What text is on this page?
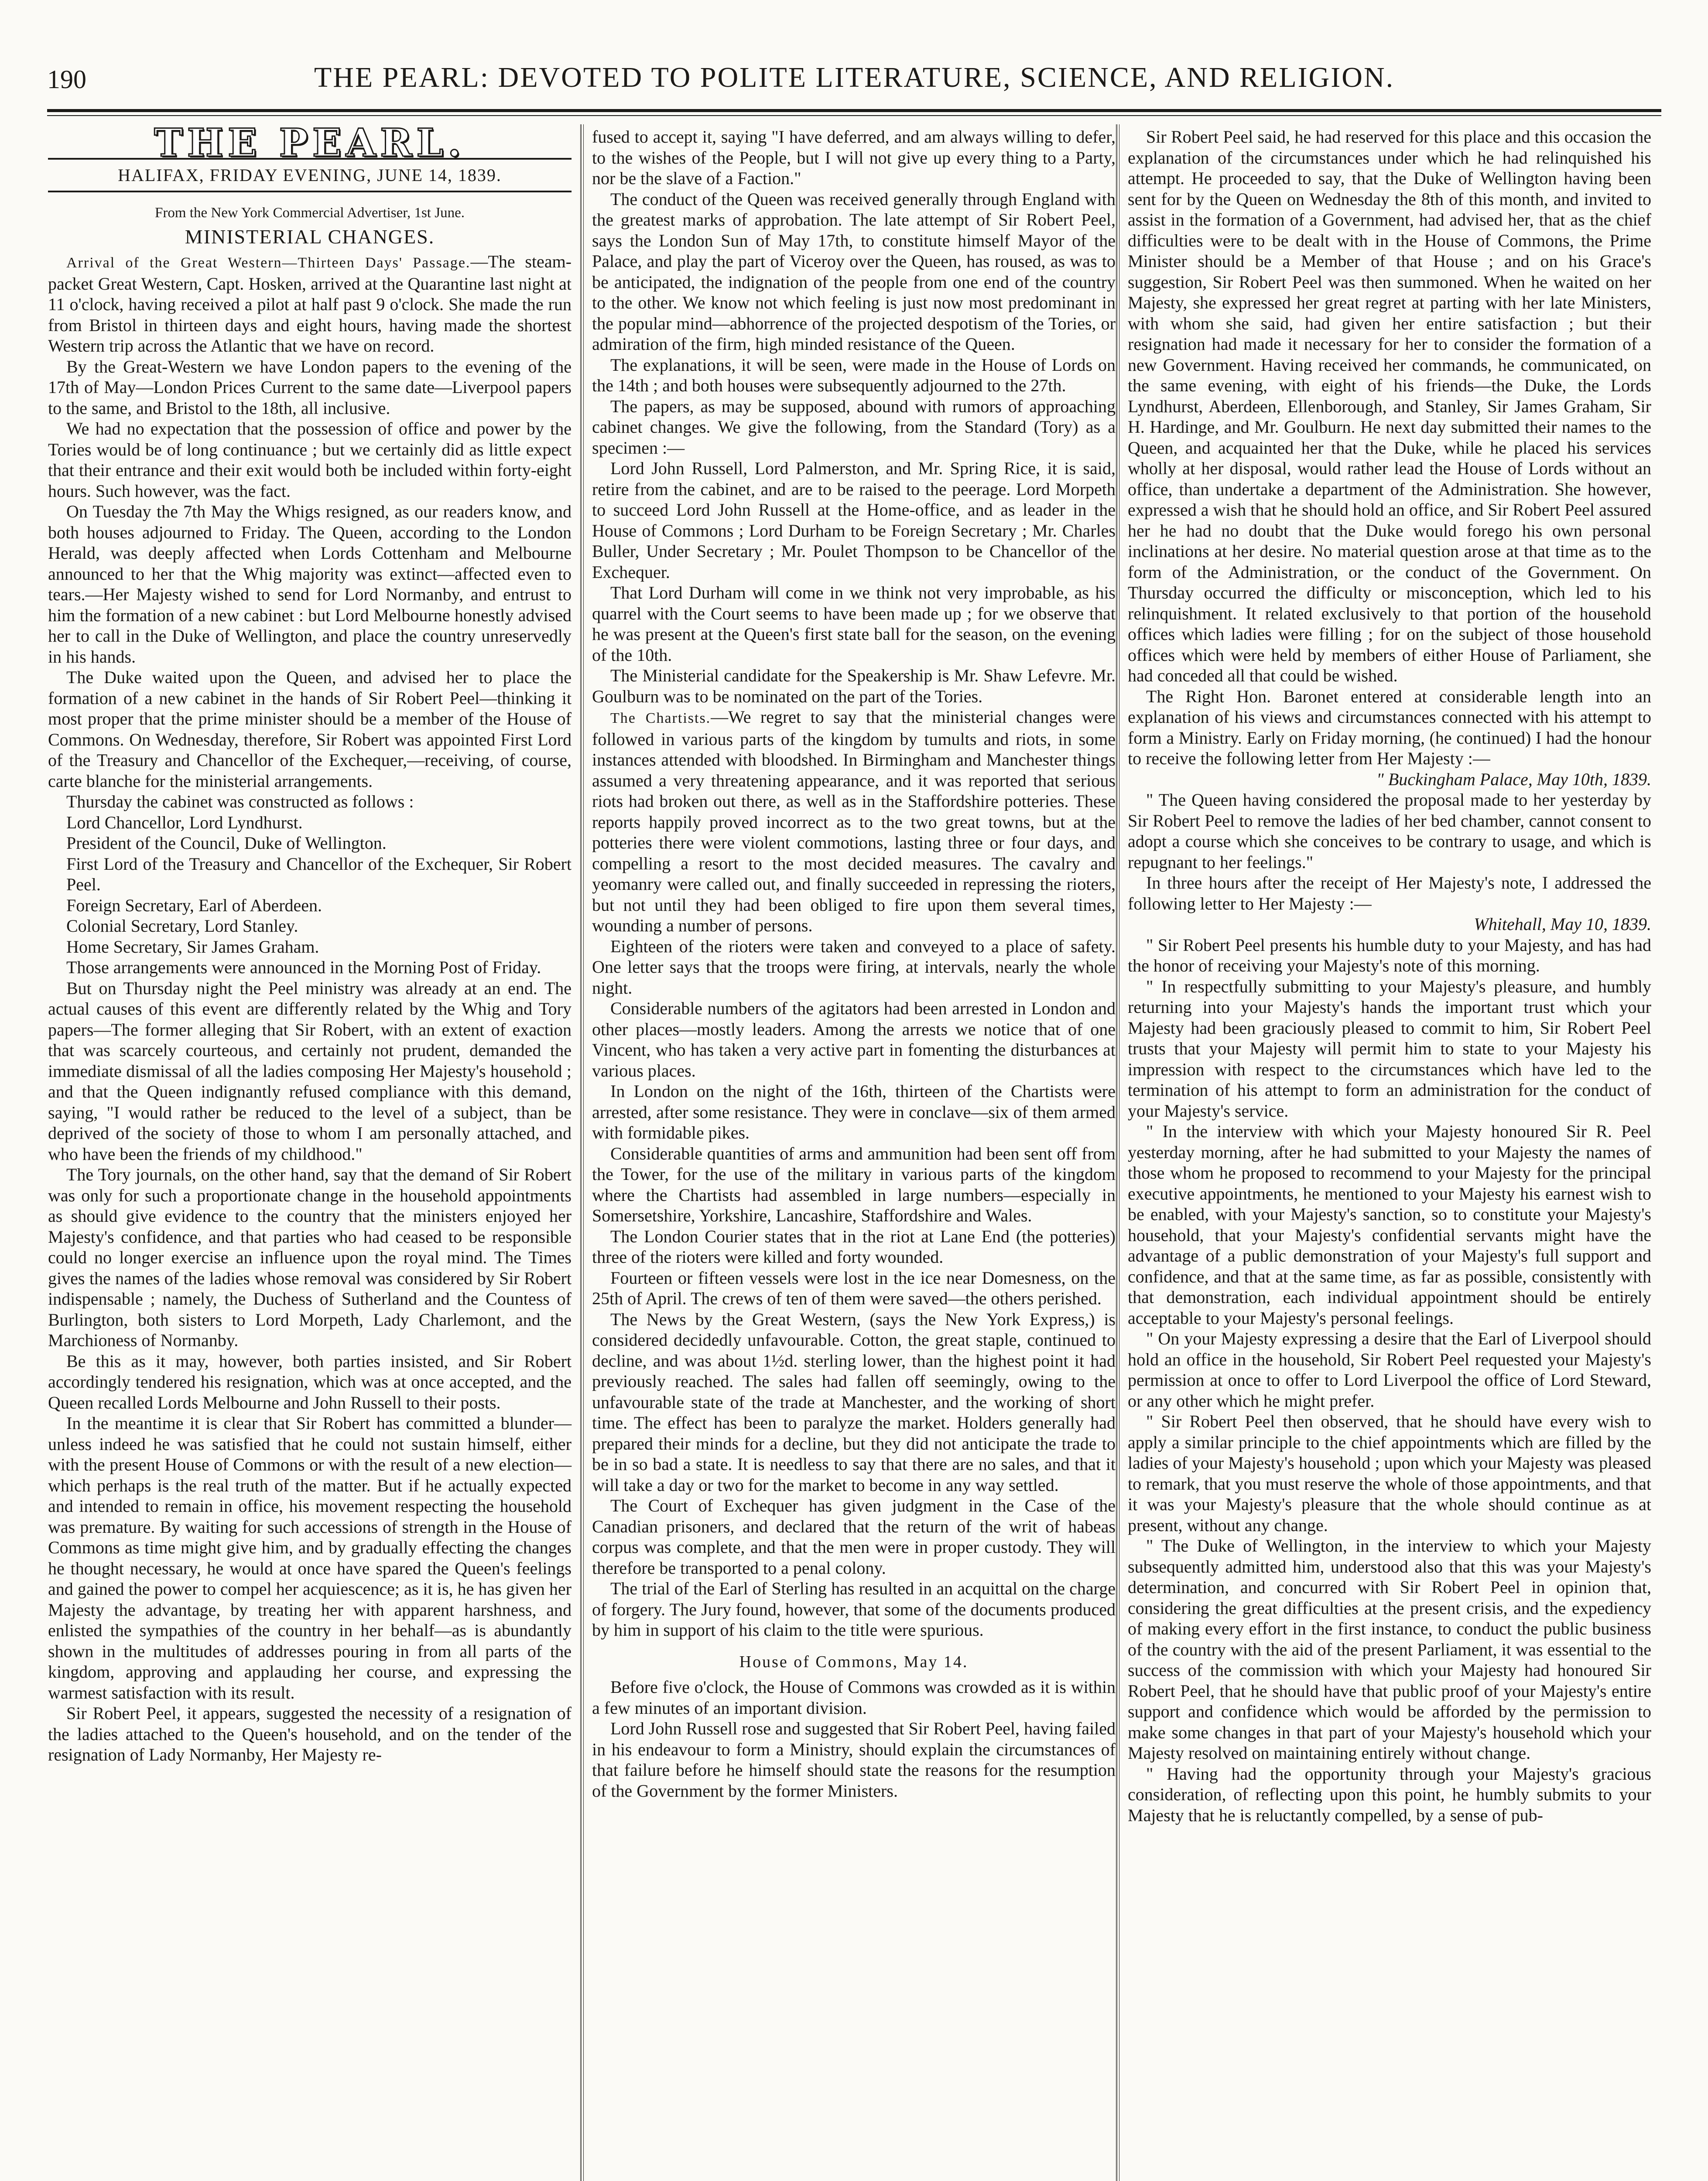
190	THE PEARL: DEVOTED TO POLITE LITERATURE, SCIENCE, AND RELIGION.
THE PEARL.
HALIFAX, FRIDAY EVENING, JUNE 14, 1839.
From the New York Commercial Advertiser, 1st June.
MINISTERIAL CHANGES.

Arrival of the Great Western—Thirteen Days' Passage.—The steam-packet Great Western, Capt. Hosken, arrived at the Quarantine last night at 11 o'clock, having received a pilot at half past 9 o'clock. She made the run from Bristol in thirteen days and eight hours, having made the shortest Western trip across the Atlantic that we have on record.

By the Great-Western we have London papers to the evening of the 17th of May—London Prices Current to the same date—Liverpool papers to the same, and Bristol to the 18th, all inclusive.

We had no expectation that the possession of office and power by the Tories would be of long continuance ; but we certainly did as little expect that their entrance and their exit would both be included within forty-eight hours. Such however, was the fact.

On Tuesday the 7th May the Whigs resigned, as our readers know, and both houses adjourned to Friday. The Queen, according to the London Herald, was deeply affected when Lords Cottenham and Melbourne announced to her that the Whig majority was extinct—affected even to tears.—Her Majesty wished to send for Lord Normanby, and entrust to him the formation of a new cabinet : but Lord Melbourne honestly advised her to call in the Duke of Wellington, and place the country unreservedly in his hands.

The Duke waited upon the Queen, and advised her to place the formation of a new cabinet in the hands of Sir Robert Peel—thinking it most proper that the prime minister should be a member of the House of Commons. On Wednesday, therefore, Sir Robert was appointed First Lord of the Treasury and Chancellor of the Exchequer,—receiving, of course, carte blanche for the ministerial arrangements.

Thursday the cabinet was constructed as follows :

Lord Chancellor, Lord Lyndhurst.

President of the Council, Duke of Wellington.

First Lord of the Treasury and Chancellor of the Exchequer, Sir Robert Peel.

Foreign Secretary, Earl of Aberdeen.

Colonial Secretary, Lord Stanley.

Home Secretary, Sir James Graham.

Those arrangements were announced in the Morning Post of Friday.

But on Thursday night the Peel ministry was already at an end. The actual causes of this event are differently related by the Whig and Tory papers—The former alleging that Sir Robert, with an extent of exaction that was scarcely courteous, and certainly not prudent, demanded the immediate dismissal of all the ladies composing Her Majesty's household ; and that the Queen indignantly refused compliance with this demand, saying, "I would rather be reduced to the level of a subject, than be deprived of the society of those to whom I am personally attached, and who have been the friends of my childhood."

The Tory journals, on the other hand, say that the demand of Sir Robert was only for such a proportionate change in the household appointments as should give evidence to the country that the ministers enjoyed her Majesty's confidence, and that parties who had ceased to be responsible could no longer exercise an influence upon the royal mind. The Times gives the names of the ladies whose removal was considered by Sir Robert indispensable ; namely, the Duchess of Sutherland and the Countess of Burlington, both sisters to Lord Morpeth, Lady Charlemont, and the Marchioness of Normanby.

Be this as it may, however, both parties insisted, and Sir Robert accordingly tendered his resignation, which was at once accepted, and the Queen recalled Lords Melbourne and John Russell to their posts.

In the meantime it is clear that Sir Robert has committed a blunder—unless indeed he was satisfied that he could not sustain himself, either with the present House of Commons or with the result of a new election—which perhaps is the real truth of the matter. But if he actually expected and intended to remain in office, his movement respecting the household was premature. By waiting for such accessions of strength in the House of Commons as time might give him, and by gradually effecting the changes he thought necessary, he would at once have spared the Queen's feelings and gained the power to compel her acquiescence; as it is, he has given her Majesty the advantage, by treating her with apparent harshness, and enlisted the sympathies of the country in her behalf—as is abundantly shown in the multitudes of addresses pouring in from all parts of the kingdom, approving and applauding her course, and expressing the warmest satisfaction with its result.

Sir Robert Peel, it appears, suggested the necessity of a resignation of the ladies attached to the Queen's household, and on the tender of the resignation of Lady Normanby, Her Majesty re-

fused to accept it, saying "I have deferred, and am always willing to defer, to the wishes of the People, but I will not give up every thing to a Party, nor be the slave of a Faction."

The conduct of the Queen was received generally through England with the greatest marks of approbation. The late attempt of Sir Robert Peel, says the London Sun of May 17th, to constitute himself Mayor of the Palace, and play the part of Viceroy over the Queen, has roused, as was to be anticipated, the indignation of the people from one end of the country to the other. We know not which feeling is just now most predominant in the popular mind—abhorrence of the projected despotism of the Tories, or admiration of the firm, high minded resistance of the Queen.

The explanations, it will be seen, were made in the House of Lords on the 14th ; and both houses were subsequently adjourned to the 27th.

The papers, as may be supposed, abound with rumors of approaching cabinet changes. We give the following, from the Standard (Tory) as a specimen :—

Lord John Russell, Lord Palmerston, and Mr. Spring Rice, it is said, retire from the cabinet, and are to be raised to the peerage. Lord Morpeth to succeed Lord John Russell at the Home-office, and as leader in the House of Commons ; Lord Durham to be Foreign Secretary ; Mr. Charles Buller, Under Secretary ; Mr. Poulet Thompson to be Chancellor of the Exchequer.

That Lord Durham will come in we think not very improbable, as his quarrel with the Court seems to have been made up ; for we observe that he was present at the Queen's first state ball for the season, on the evening of the 10th.

The Ministerial candidate for the Speakership is Mr. Shaw Lefevre. Mr. Goulburn was to be nominated on the part of the Tories.

The Chartists.—We regret to say that the ministerial changes were followed in various parts of the kingdom by tumults and riots, in some instances attended with bloodshed. In Birmingham and Manchester things assumed a very threatening appearance, and it was reported that serious riots had broken out there, as well as in the Staffordshire potteries. These reports happily proved incorrect as to the two great towns, but at the potteries there were violent commotions, lasting three or four days, and compelling a resort to the most decided measures. The cavalry and yeomanry were called out, and finally succeeded in repressing the rioters, but not until they had been obliged to fire upon them several times, wounding a number of persons.

Eighteen of the rioters were taken and conveyed to a place of safety. One letter says that the troops were firing, at intervals, nearly the whole night.

Considerable numbers of the agitators had been arrested in London and other places—mostly leaders. Among the arrests we notice that of one Vincent, who has taken a very active part in fomenting the disturbances at various places.

In London on the night of the 16th, thirteen of the Chartists were arrested, after some resistance. They were in conclave—six of them armed with formidable pikes.

Considerable quantities of arms and ammunition had been sent off from the Tower, for the use of the military in various parts of the kingdom where the Chartists had assembled in large numbers—especially in Somersetshire, Yorkshire, Lancashire, Staffordshire and Wales.

The London Courier states that in the riot at Lane End (the potteries) three of the rioters were killed and forty wounded.

Fourteen or fifteen vessels were lost in the ice near Domesness, on the 25th of April. The crews of ten of them were saved—the others perished.

The News by the Great Western, (says the New York Express,) is considered decidedly unfavourable. Cotton, the great staple, continued to decline, and was about 1½d. sterling lower, than the highest point it had previously reached. The sales had fallen off seemingly, owing to the unfavourable state of the trade at Manchester, and the working of short time. The effect has been to paralyze the market. Holders generally had prepared their minds for a decline, but they did not anticipate the trade to be in so bad a state. It is needless to say that there are no sales, and that it will take a day or two for the market to become in any way settled.

The Court of Exchequer has given judgment in the Case of the Canadian prisoners, and declared that the return of the writ of habeas corpus was complete, and that the men were in proper custody. They will therefore be transported to a penal colony.

The trial of the Earl of Sterling has resulted in an acquittal on the charge of forgery. The Jury found, however, that some of the documents produced by him in support of his claim to the title were spurious.

House of Commons, May 14.

Before five o'clock, the House of Commons was crowded as it is within a few minutes of an important division.

Lord John Russell rose and suggested that Sir Robert Peel, having failed in his endeavour to form a Ministry, should explain the circumstances of that failure before he himself should state the reasons for the resumption of the Government by the former Ministers.

Sir Robert Peel said, he had reserved for this place and this occasion the explanation of the circumstances under which he had relinquished his attempt. He proceeded to say, that the Duke of Wellington having been sent for by the Queen on Wednesday the 8th of this month, and invited to assist in the formation of a Government, had advised her, that as the chief difficulties were to be dealt with in the House of Commons, the Prime Minister should be a Member of that House ; and on his Grace's suggestion, Sir Robert Peel was then summoned. When he waited on her Majesty, she expressed her great regret at parting with her late Ministers, with whom she said, had given her entire satisfaction ; but their resignation had made it necessary for her to consider the formation of a new Government. Having received her commands, he communicated, on the same evening, with eight of his friends—the Duke, the Lords Lyndhurst, Aberdeen, Ellenborough, and Stanley, Sir James Graham, Sir H. Hardinge, and Mr. Goulburn. He next day submitted their names to the Queen, and acquainted her that the Duke, while he placed his services wholly at her disposal, would rather lead the House of Lords without an office, than undertake a department of the Administration. She however, expressed a wish that he should hold an office, and Sir Robert Peel assured her he had no doubt that the Duke would forego his own personal inclinations at her desire. No material question arose at that time as to the form of the Administration, or the conduct of the Government. On Thursday occurred the difficulty or misconception, which led to his relinquishment. It related exclusively to that portion of the household offices which ladies were filling ; for on the subject of those household offices which were held by members of either House of Parliament, she had conceded all that could be wished.

The Right Hon. Baronet entered at considerable length into an explanation of his views and circumstances connected with his attempt to form a Ministry. Early on Friday morning, (he continued) I had the honour to receive the following letter from Her Majesty :—

" Buckingham Palace, May 10th, 1839.

" The Queen having considered the proposal made to her yesterday by Sir Robert Peel to remove the ladies of her bed chamber, cannot consent to adopt a course which she conceives to be contrary to usage, and which is repugnant to her feelings."

In three hours after the receipt of Her Majesty's note, I addressed the following letter to Her Majesty :—

Whitehall, May 10, 1839.

" Sir Robert Peel presents his humble duty to your Majesty, and has had the honor of receiving your Majesty's note of this morning.

" In respectfully submitting to your Majesty's pleasure, and humbly returning into your Majesty's hands the important trust which your Majesty had been graciously pleased to commit to him, Sir Robert Peel trusts that your Majesty will permit him to state to your Majesty his impression with respect to the circumstances which have led to the termination of his attempt to form an administration for the conduct of your Majesty's service.

" In the interview with which your Majesty honoured Sir R. Peel yesterday morning, after he had submitted to your Majesty the names of those whom he proposed to recommend to your Majesty for the principal executive appointments, he mentioned to your Majesty his earnest wish to be enabled, with your Majesty's sanction, so to constitute your Majesty's household, that your Majesty's confidential servants might have the advantage of a public demonstration of your Majesty's full support and confidence, and that at the same time, as far as possible, consistently with that demonstration, each individual appointment should be entirely acceptable to your Majesty's personal feelings.

" On your Majesty expressing a desire that the Earl of Liverpool should hold an office in the household, Sir Robert Peel requested your Majesty's permission at once to offer to Lord Liverpool the office of Lord Steward, or any other which he might prefer.

" Sir Robert Peel then observed, that he should have every wish to apply a similar principle to the chief appointments which are filled by the ladies of your Majesty's household ; upon which your Majesty was pleased to remark, that you must reserve the whole of those appointments, and that it was your Majesty's pleasure that the whole should continue as at present, without any change.

" The Duke of Wellington, in the interview to which your Majesty subsequently admitted him, understood also that this was your Majesty's determination, and concurred with Sir Robert Peel in opinion that, considering the great difficulties at the present crisis, and the expediency of making every effort in the first instance, to conduct the public business of the country with the aid of the present Parliament, it was essential to the success of the commission with which your Majesty had honoured Sir Robert Peel, that he should have that public proof of your Majesty's entire support and confidence which would be afforded by the permission to make some changes in that part of your Majesty's household which your Majesty resolved on maintaining entirely without change.

" Having had the opportunity through your Majesty's gracious consideration, of reflecting upon this point, he humbly submits to your Majesty that he is reluctantly compelled, by a sense of pub-
